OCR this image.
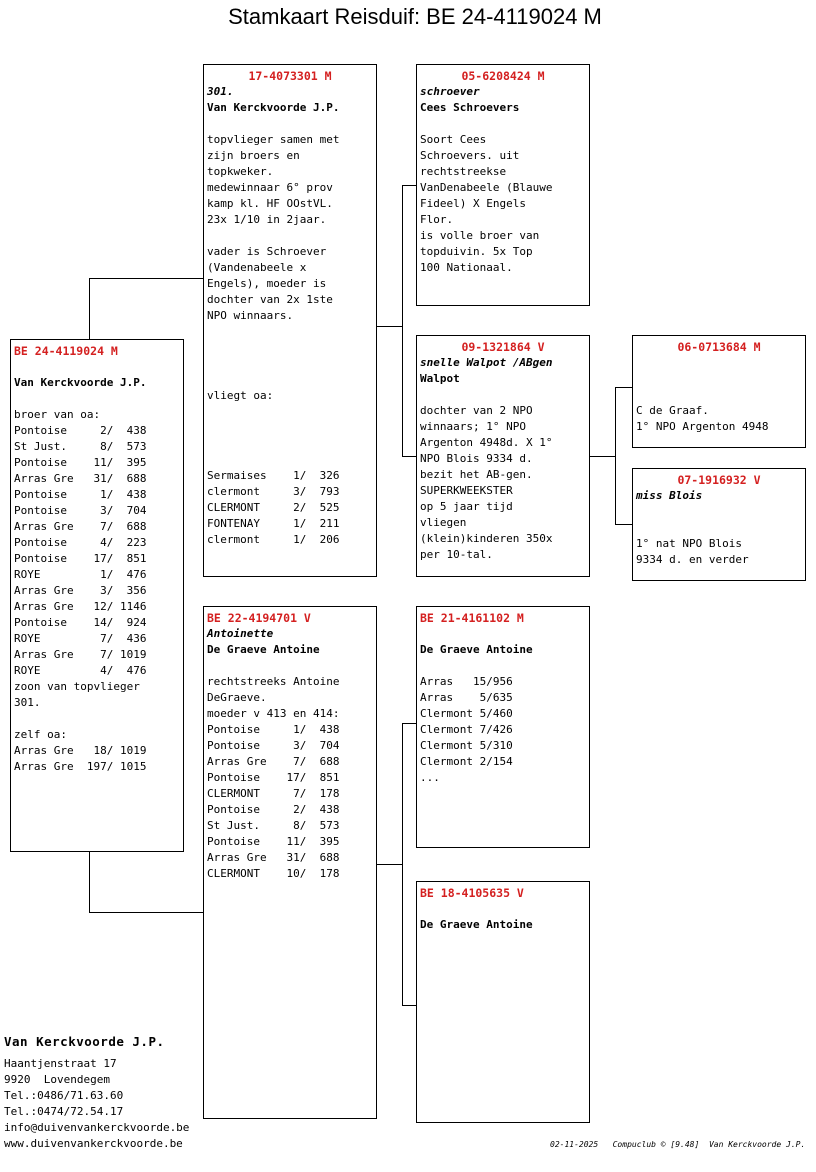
Stamkaart Reisduif: BE 24-4119024 M
BE 24-4119024 M
Van Kerckvoorde J.P.
broer van oa:
Pontoise     2/  438
St Just.     8/  573
Pontoise    11/  395
Arras Gre   31/  688
Pontoise     1/  438
Pontoise     3/  704
Arras Gre    7/  688
Pontoise     4/  223
Pontoise    17/  851
ROYE         1/  476
Arras Gre    3/  356
Arras Gre   12/ 1146
Pontoise    14/  924
ROYE         7/  436
Arras Gre    7/ 1019
ROYE         4/  476
zoon van topvlieger
301.

zelf oa:
Arras Gre   18/ 1019
Arras Gre  197/ 1015
17-4073301 M
301.
Van Kerckvoorde J.P.
topvlieger samen met
zijn broers en
topkweker.
medewinnaar 6° prov
kamp kl. HF OOstVL.
23x 1/10 in 2jaar.

vader is Schroever
(Vandenabeele x
Engels), moeder is
dochter van 2x 1ste
NPO winnaars.

vliegt oa:

Sermaises    1/  326
clermont     3/  793
CLERMONT     2/  525
FONTENAY     1/  211
clermont     1/  206
BE 22-4194701 V
Antoinette
De Graeve Antoine
rechtstreeks Antoine
DeGraeve.
moeder v 413 en 414:
Pontoise     1/  438
Pontoise     3/  704
Arras Gre    7/  688
Pontoise    17/  851
CLERMONT     7/  178
Pontoise     2/  438
St Just.     8/  573
Pontoise    11/  395
Arras Gre   31/  688
CLERMONT    10/  178
05-6208424 M
schroever
Cees Schroevers
Soort Cees
Schroevers. uit
rechtstreekse
VanDenabeele (Blauwe
Fideel) X Engels
Flor.
is volle broer van
topduivin. 5x Top
100 Nationaal.
09-1321864 V
snelle Walpot /ABgen
Walpot
dochter van 2 NPO
winnaars; 1° NPO
Argenton 4948d. X 1°
NPO Blois 9334 d.
bezit het AB-gen.
SUPERKWEEKSTER
op 5 jaar tijd
vliegen
(klein)kinderen 350x
per 10-tal.
BE 21-4161102 M
De Graeve Antoine
Arras   15/956
Arras    5/635
Clermont 5/460
Clermont 7/426
Clermont 5/310
Clermont 2/154
...
BE 18-4105635 V
De Graeve Antoine
06-0713684 M
C de Graaf.
1° NPO Argenton 4948
07-1916932 V
miss Blois
1° nat NPO Blois
9334 d. en verder
Van Kerckvoorde J.P.
Haantjenstraat 17
9920  Lovendegem
Tel.:0486/71.63.60
Tel.:0474/72.54.17
info@duivenvankerckvoorde.be
www.duivenvankerckvoorde.be	02-11-2025   Compuclub © [9.48]  Van Kerckvoorde J.P.
